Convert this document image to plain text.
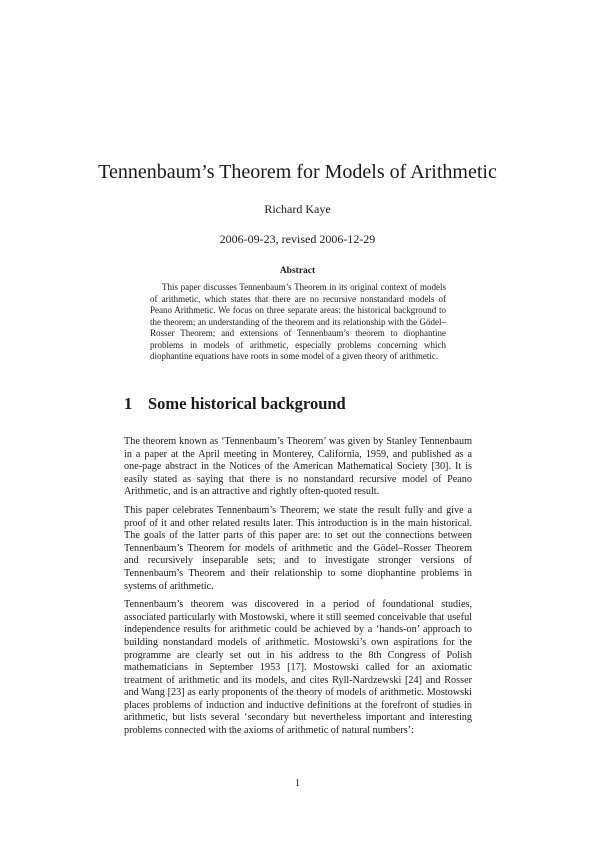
Tennenbaum’s Theorem for Models of Arithmetic
Richard Kaye
2006-09-23, revised 2006-12-29
Abstract
This paper discusses Tennenbaum’s Theorem in its original context of models of arithmetic, which states that there are no recursive nonstandard models of Peano Arithmetic. We focus on three separate areas: the historical background to the theorem; an understanding of the theorem and its relationship with the Gödel–Rosser Theorem; and extensions of Tennenbaum’s theorem to diophantine problems in models of arithmetic, especially problems concerning which diophantine equations have roots in some model of a given theory of arithmetic.
1 Some historical background

The theorem known as ‘Tennenbaum’s Theorem’ was given by Stanley Tennenbaum in a paper at the April meeting in Monterey, California, 1959, and published as a one-page abstract in the Notices of the American Mathematical Society [30]. It is easily stated as saying that there is no nonstandard recursive model of Peano Arithmetic, and is an attractive and rightly often-quoted result.

This paper celebrates Tennenbaum’s Theorem; we state the result fully and give a proof of it and other related results later. This introduction is in the main historical. The goals of the latter parts of this paper are: to set out the connections between Tennenbaum’s Theorem for models of arithmetic and the Gödel–Rosser Theorem and recursively inseparable sets; and to investigate stronger versions of Tennenbaum’s Theorem and their relationship to some diophantine problems in systems of arithmetic.

Tennenbaum’s theorem was discovered in a period of foundational studies, associated particularly with Mostowski, where it still seemed conceivable that useful independence results for arithmetic could be achieved by a ‘hands-on’ approach to building nonstandard models of arithmetic. Mostowski’s own aspirations for the programme are clearly set out in his address to the 8th Congress of Polish mathematicians in September 1953 [17]. Mostowski called for an axiomatic treatment of arithmetic and its models, and cites Ryll-Nardzewski [24] and Rosser and Wang [23] as early proponents of the theory of models of arithmetic. Mostowski places problems of induction and inductive definitions at the forefront of studies in arithmetic, but lists several ‘secondary but nevertheless important and interesting problems connected with the axioms of arithmetic of natural numbers’:

1
